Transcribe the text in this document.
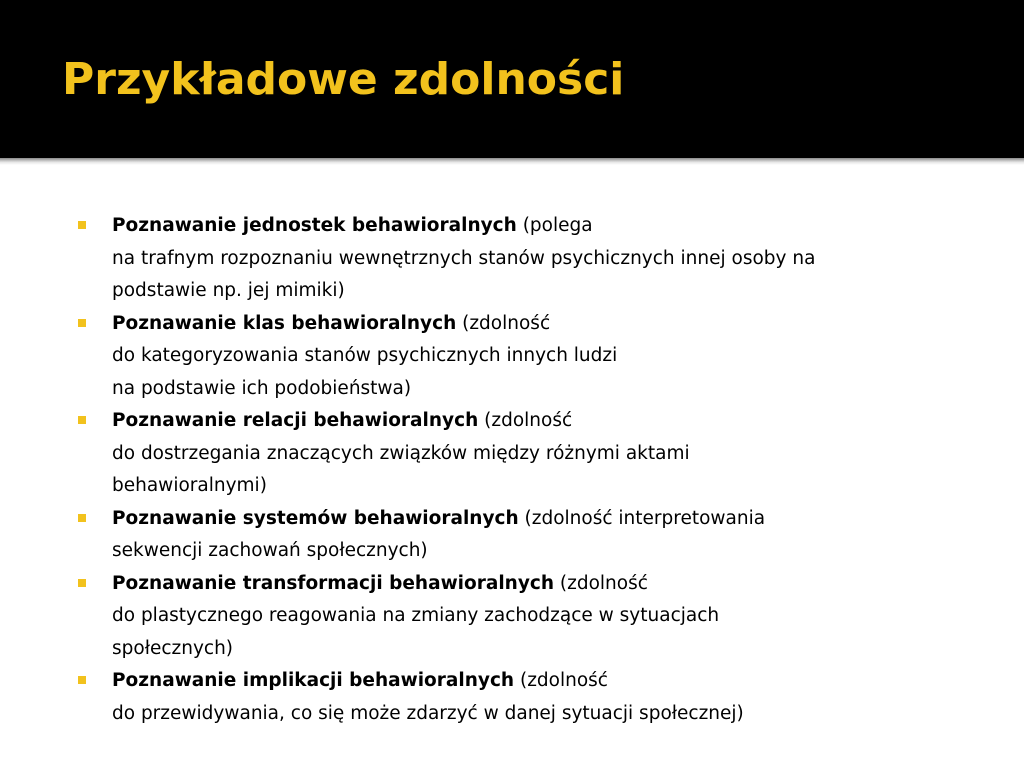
Przykładowe zdolności
Poznawanie jednostek behawioralnych (polega
na trafnym rozpoznaniu wewnętrznych stanów psychicznych innej osoby na
podstawie np. jej mimiki)
Poznawanie klas behawioralnych (zdolność
do kategoryzowania stanów psychicznych innych ludzi
na podstawie ich podobieństwa)
Poznawanie relacji behawioralnych (zdolność
do dostrzegania znaczących związków między różnymi aktami
behawioralnymi)
Poznawanie systemów behawioralnych (zdolność interpretowania
sekwencji zachowań społecznych)
Poznawanie transformacji behawioralnych (zdolność
do plastycznego reagowania na zmiany zachodzące w sytuacjach
społecznych)
Poznawanie implikacji behawioralnych (zdolność
do przewidywania, co się może zdarzyć w danej sytuacji społecznej)
